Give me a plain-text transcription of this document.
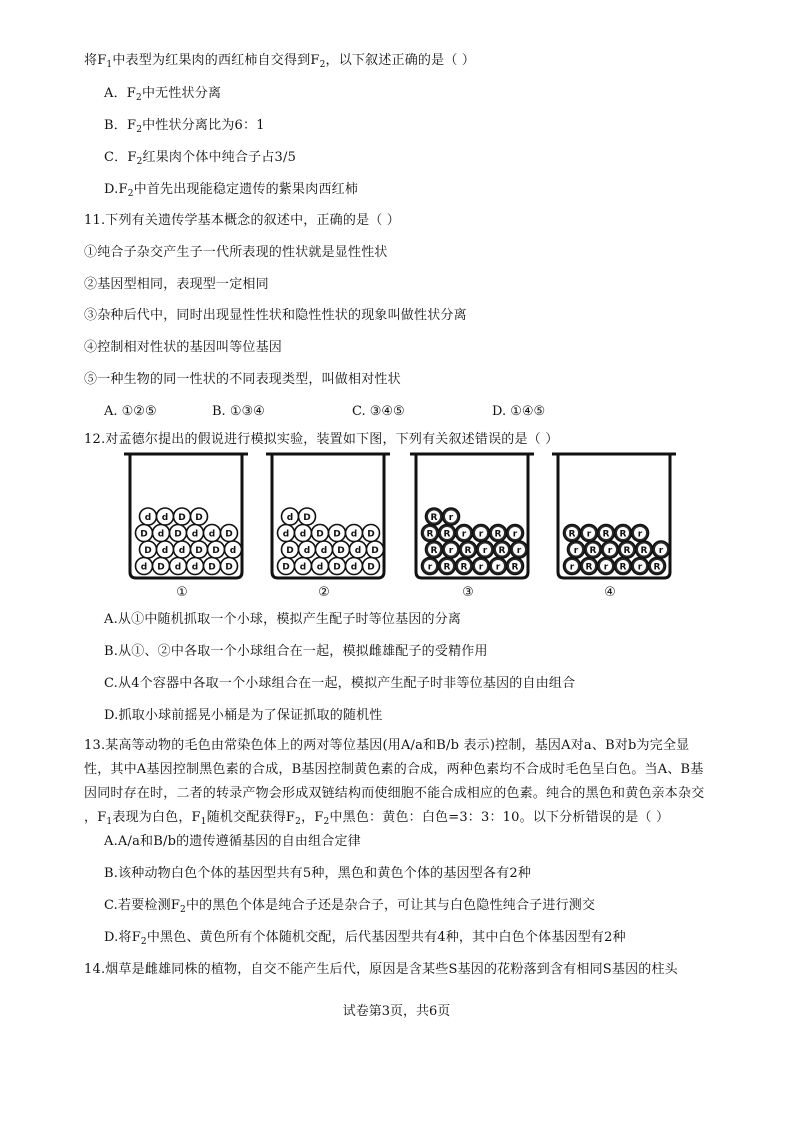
将$F_1$中表型为红果肉的西红柿自交得到$F_2$，以下叙述正确的是（ ）
A．$F_2$中无性状分离
B．$F_2$中性状分离比为6：1
C．$F_2$红果肉个体中纯合子占3/5
$D.F_2$中首先出现能稳定遗传的紫果肉西红柿
11.下列有关遗传学基本概念的叙述中，正确的是（ ）
①纯合子杂交产生子一代所表现的性状就是显性性状
②基因型相同，表现型一定相同
③杂种后代中，同时出现显性性状和隐性性状的现象叫做性状分离
④控制相对性状的基因叫等位基因
⑤一种生物的同一性状的不同表现类型，叫做相对性状
A. ①②⑤	B. ①③④	C. ③④⑤	D. ①④⑤
12.对孟德尔提出的假说进行模拟实验，装置如下图，下列有关叙述错误的是（ ）
d D d d D D
D d d D D d
D d D d d D
d d D D
①
D d d D d D
D d d D d D
d d D D d D
d D
②
r R R r r R
R r R r R r
R R r r R r
R r
③
r R r R r R
r R r R R r
R r R R r
④
A.从①中随机抓取一个小球，模拟产生配子时等位基因的分离
B.从①、②中各取一个小球组合在一起，模拟雌雄配子的受精作用
C.从4个容器中各取一个小球组合在一起，模拟产生配子时非等位基因的自由组合
D.抓取小球前摇晃小桶是为了保证抓取的随机性
13.某高等动物的毛色由常染色体上的两对等位基因(用A/a和B/b 表示)控制，基因A对a、B对b为完全显
性，其中A基因控制黑色素的合成，B基因控制黄色素的合成，两种色素均不合成时毛色呈白色。当A、B基
因同时存在时，二者的转录产物会形成双链结构而使细胞不能合成相应的色素。纯合的黑色和黄色亲本杂交
，$F_1$表现为白色，$F_1$随机交配获得$F_2$，$F_2$中黑色：黄色：白色=3：3：10。以下分析错误的是（ ）
A.A/a和B/b的遗传遵循基因的自由组合定律
B.该种动物白色个体的基因型共有5种，黑色和黄色个体的基因型各有2种
C.若要检测$F_2$中的黑色个体是纯合子还是杂合子，可让其与白色隐性纯合子进行测交
D.将$F_2$中黑色、黄色所有个体随机交配，后代基因型共有4种，其中白色个体基因型有2种
14.烟草是雌雄同株的植物，自交不能产生后代，原因是含某些S基因的花粉落到含有相同S基因的柱头
试卷第3页，共6页
